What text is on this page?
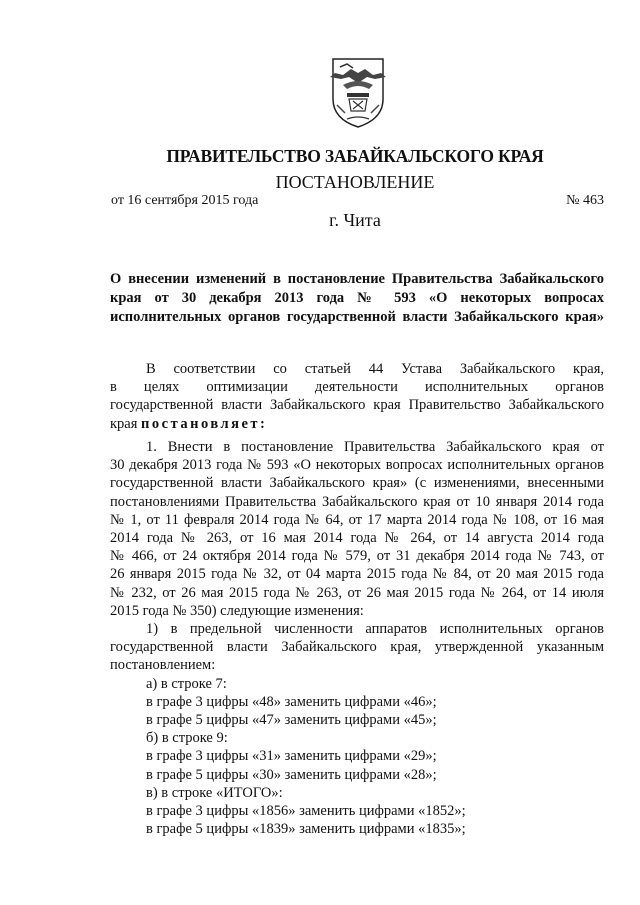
ПРАВИТЕЛЬСТВО ЗАБАЙКАЛЬСКОГО КРАЯ
ПОСТАНОВЛЕНИЕ
от 16 сентября 2015 года	№ 463
г. Чита
О внесении изменений в постановление Правительства Забайкальского
края от 30 декабря 2013 года № 593 «О некоторых вопросах
исполнительных органов государственной власти Забайкальского края»
В соответствии со статьей 44 Устава Забайкальского края,
в целях оптимизации деятельности исполнительных органов
государственной власти Забайкальского края Правительство Забайкальского
края постановляет:
1. Внести в постановление Правительства Забайкальского края от
30 декабря 2013 года № 593 «О некоторых вопросах исполнительных органов
государственной власти Забайкальского края» (с изменениями, внесенными
постановлениями Правительства Забайкальского края от 10 января 2014 года
№ 1, от 11 февраля 2014 года № 64, от 17 марта 2014 года № 108, от 16 мая
2014 года № 263, от 16 мая 2014 года № 264, от 14 августа 2014 года
№ 466, от 24 октября 2014 года № 579, от 31 декабря 2014 года № 743, от
26 января 2015 года № 32, от 04 марта 2015 года № 84, от 20 мая 2015 года
№ 232, от 26 мая 2015 года № 263, от 26 мая 2015 года № 264, от 14 июля
2015 года № 350) следующие изменения:
1) в предельной численности аппаратов исполнительных органов
государственной власти Забайкальского края, утвержденной указанным
постановлением:
а) в строке 7:
в графе 3 цифры «48» заменить цифрами «46»;
в графе 5 цифры «47» заменить цифрами «45»;
б) в строке 9:
в графе 3 цифры «31» заменить цифрами «29»;
в графе 5 цифры «30» заменить цифрами «28»;
в) в строке «ИТОГО»:
в графе 3 цифры «1856» заменить цифрами «1852»;
в графе 5 цифры «1839» заменить цифрами «1835»;
